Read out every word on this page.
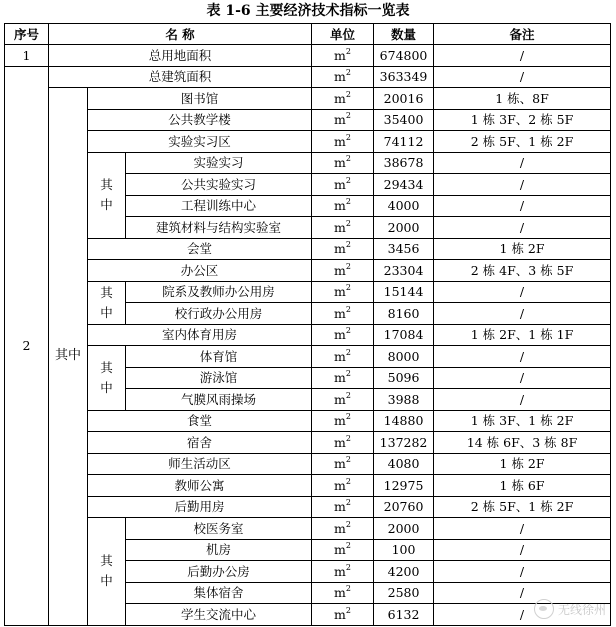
表 1-6 主要经济技术指标一览表
序号	名 称			单位	数量	备注
1	总用地面积			$m^2$	674800	/
2	总建筑面积			$m^2$	363349	/
	其中	图书馆		$m^2$	20016	1 栋、8F
		公共教学楼		$m^2$	35400	1 栋 3F、2 栋 5F
		实验实习区		$m^2$	74112	2 栋 5F、1 栋 2F

		其中	实验实习	$m^2$	38678	/
			公共实验实习	$m^2$	29434	/
			工程训练中心	$m^2$	4000	/
			建筑材料与结构实验室	$m^2$	2000	/
		会堂		$m^2$	3456	1 栋 2F
		办公区		$m^2$	23304	2 栋 4F、3 栋 5F

		其中	院系及教师办公用房	$m^2$	15144	/
			校行政办公用房	$m^2$	8160	/
		室内体育用房		$m^2$	17084	1 栋 2F、1 栋 1F

		其中	体育馆	$m^2$	8000	/
			游泳馆	$m^2$	5096	/
			气膜风雨操场	$m^2$	3988	/
		食堂		$m^2$	14880	1 栋 3F、1 栋 2F
		宿舍		$m^2$	137282	14 栋 6F、3 栋 8F
		师生活动区		$m^2$	4080	1 栋 2F
		教师公寓		$m^2$	12975	1 栋 6F
		后勤用房		$m^2$	20760	2 栋 5F、1 栋 2F

		其中	校医务室	$m^2$	2000	/
			机房	$m^2$	100	/
			后勤办公房	$m^2$	4200	/
			集体宿舍	$m^2$	2580	/
			学生交流中心	$m^2$	6132	/	无线徐州
